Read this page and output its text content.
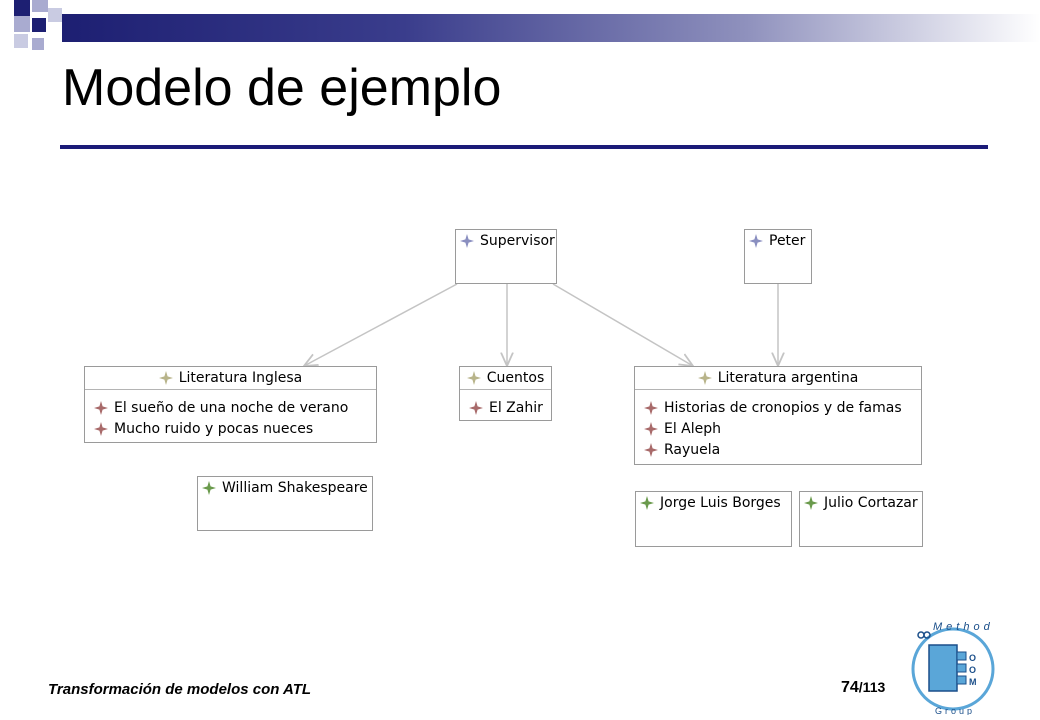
Modelo de ejemplo
Supervisor	Peter
Literatura Inglesa
El sueño de una noche de verano
Mucho ruido y pocas nueces
Cuentos
El Zahir
Literatura argentina
Historias de cronopios y de famas
El Aleph
Rayuela
William Shakespeare
Jorge Luis Borges	Julio Cortazar
Transformación de modelos con ATL	74/113
Method
O
O
M
Group
